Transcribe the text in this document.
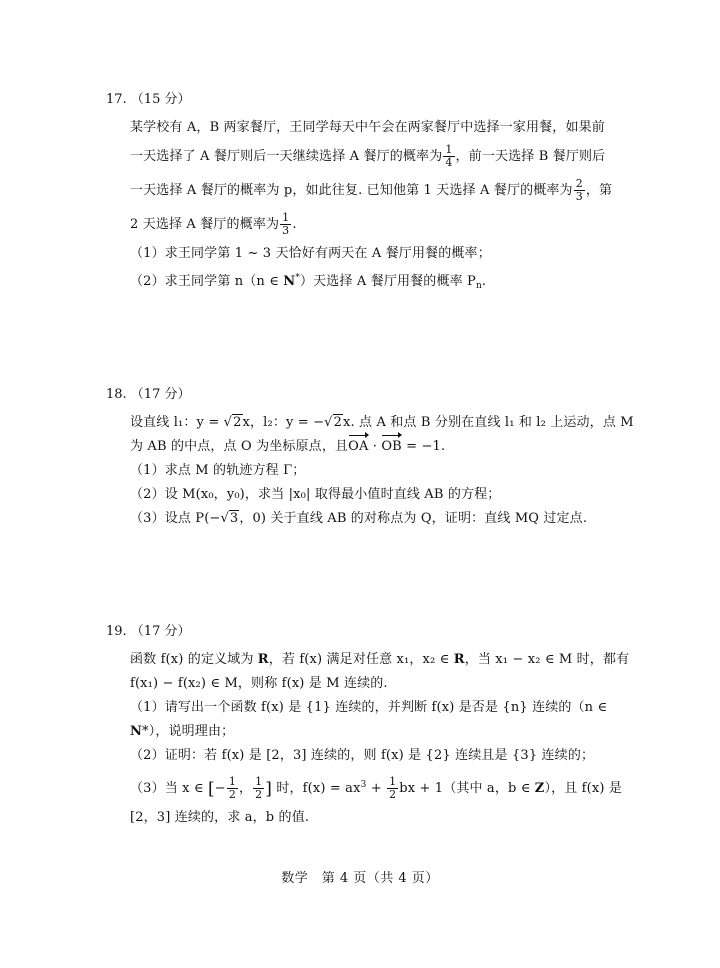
17. （15 分）
某学校有 A，B 两家餐厅，王同学每天中午会在两家餐厅中选择一家用餐，如果前
一天选择了 A 餐厅则后一天继续选择 A 餐厅的概率为 $\frac{1}{4}$ ，前一天选择 B 餐厅则后
一天选择 A 餐厅的概率为 p，如此往复. 已知他第 1 天选择 A 餐厅的概率为 $\frac{2}{3}$ ，第
2 天选择 A 餐厅的概率为 $\frac{1}{3}$ .
（1）求王同学第 1 ~ 3 天恰好有两天在 A 餐厅用餐的概率；
（2）求王同学第 n（n ∈ N*）天选择 A 餐厅用餐的概率 $P_n$.
18. （17 分）
设直线 l₁：y = √2x，l₂：y = −√2x. 点 A 和点 B 分别在直线 l₁ 和 l₂ 上运动，点 M
为 AB 的中点，点 O 为坐标原点，且OA · OB = −1.
（1）求点 M 的轨迹方程 Γ；
（2）设 M(x₀，y₀)，求当 |x₀| 取得最小值时直线 AB 的方程；
（3）设点 P(−√3，0) 关于直线 AB 的对称点为 Q，证明：直线 MQ 过定点.
19. （17 分）
函数 f(x) 的定义域为 R，若 f(x) 满足对任意 x₁，x₂ ∈ R，当 x₁ − x₂ ∈ M 时，都有
f(x₁) − f(x₂) ∈ M，则称 f(x) 是 M 连续的.
（1）请写出一个函数 f(x) 是 {1} 连续的，并判断 f(x) 是否是 {n} 连续的（n ∈
N*），说明理由；
（2）证明：若 f(x) 是 [2，3] 连续的，则 f(x) 是 {2} 连续且是 {3} 连续的；
（3）当 x ∈ [− $\frac{1}{2}$ ， $\frac{1}{2}$ ] 时，$f(x) = ax^3 + \frac{1}{2}$ bx + 1（其中 a，b ∈ Z），且 f(x) 是
[2，3] 连续的，求 a，b 的值.
数学　第 4 页（共 4 页）
